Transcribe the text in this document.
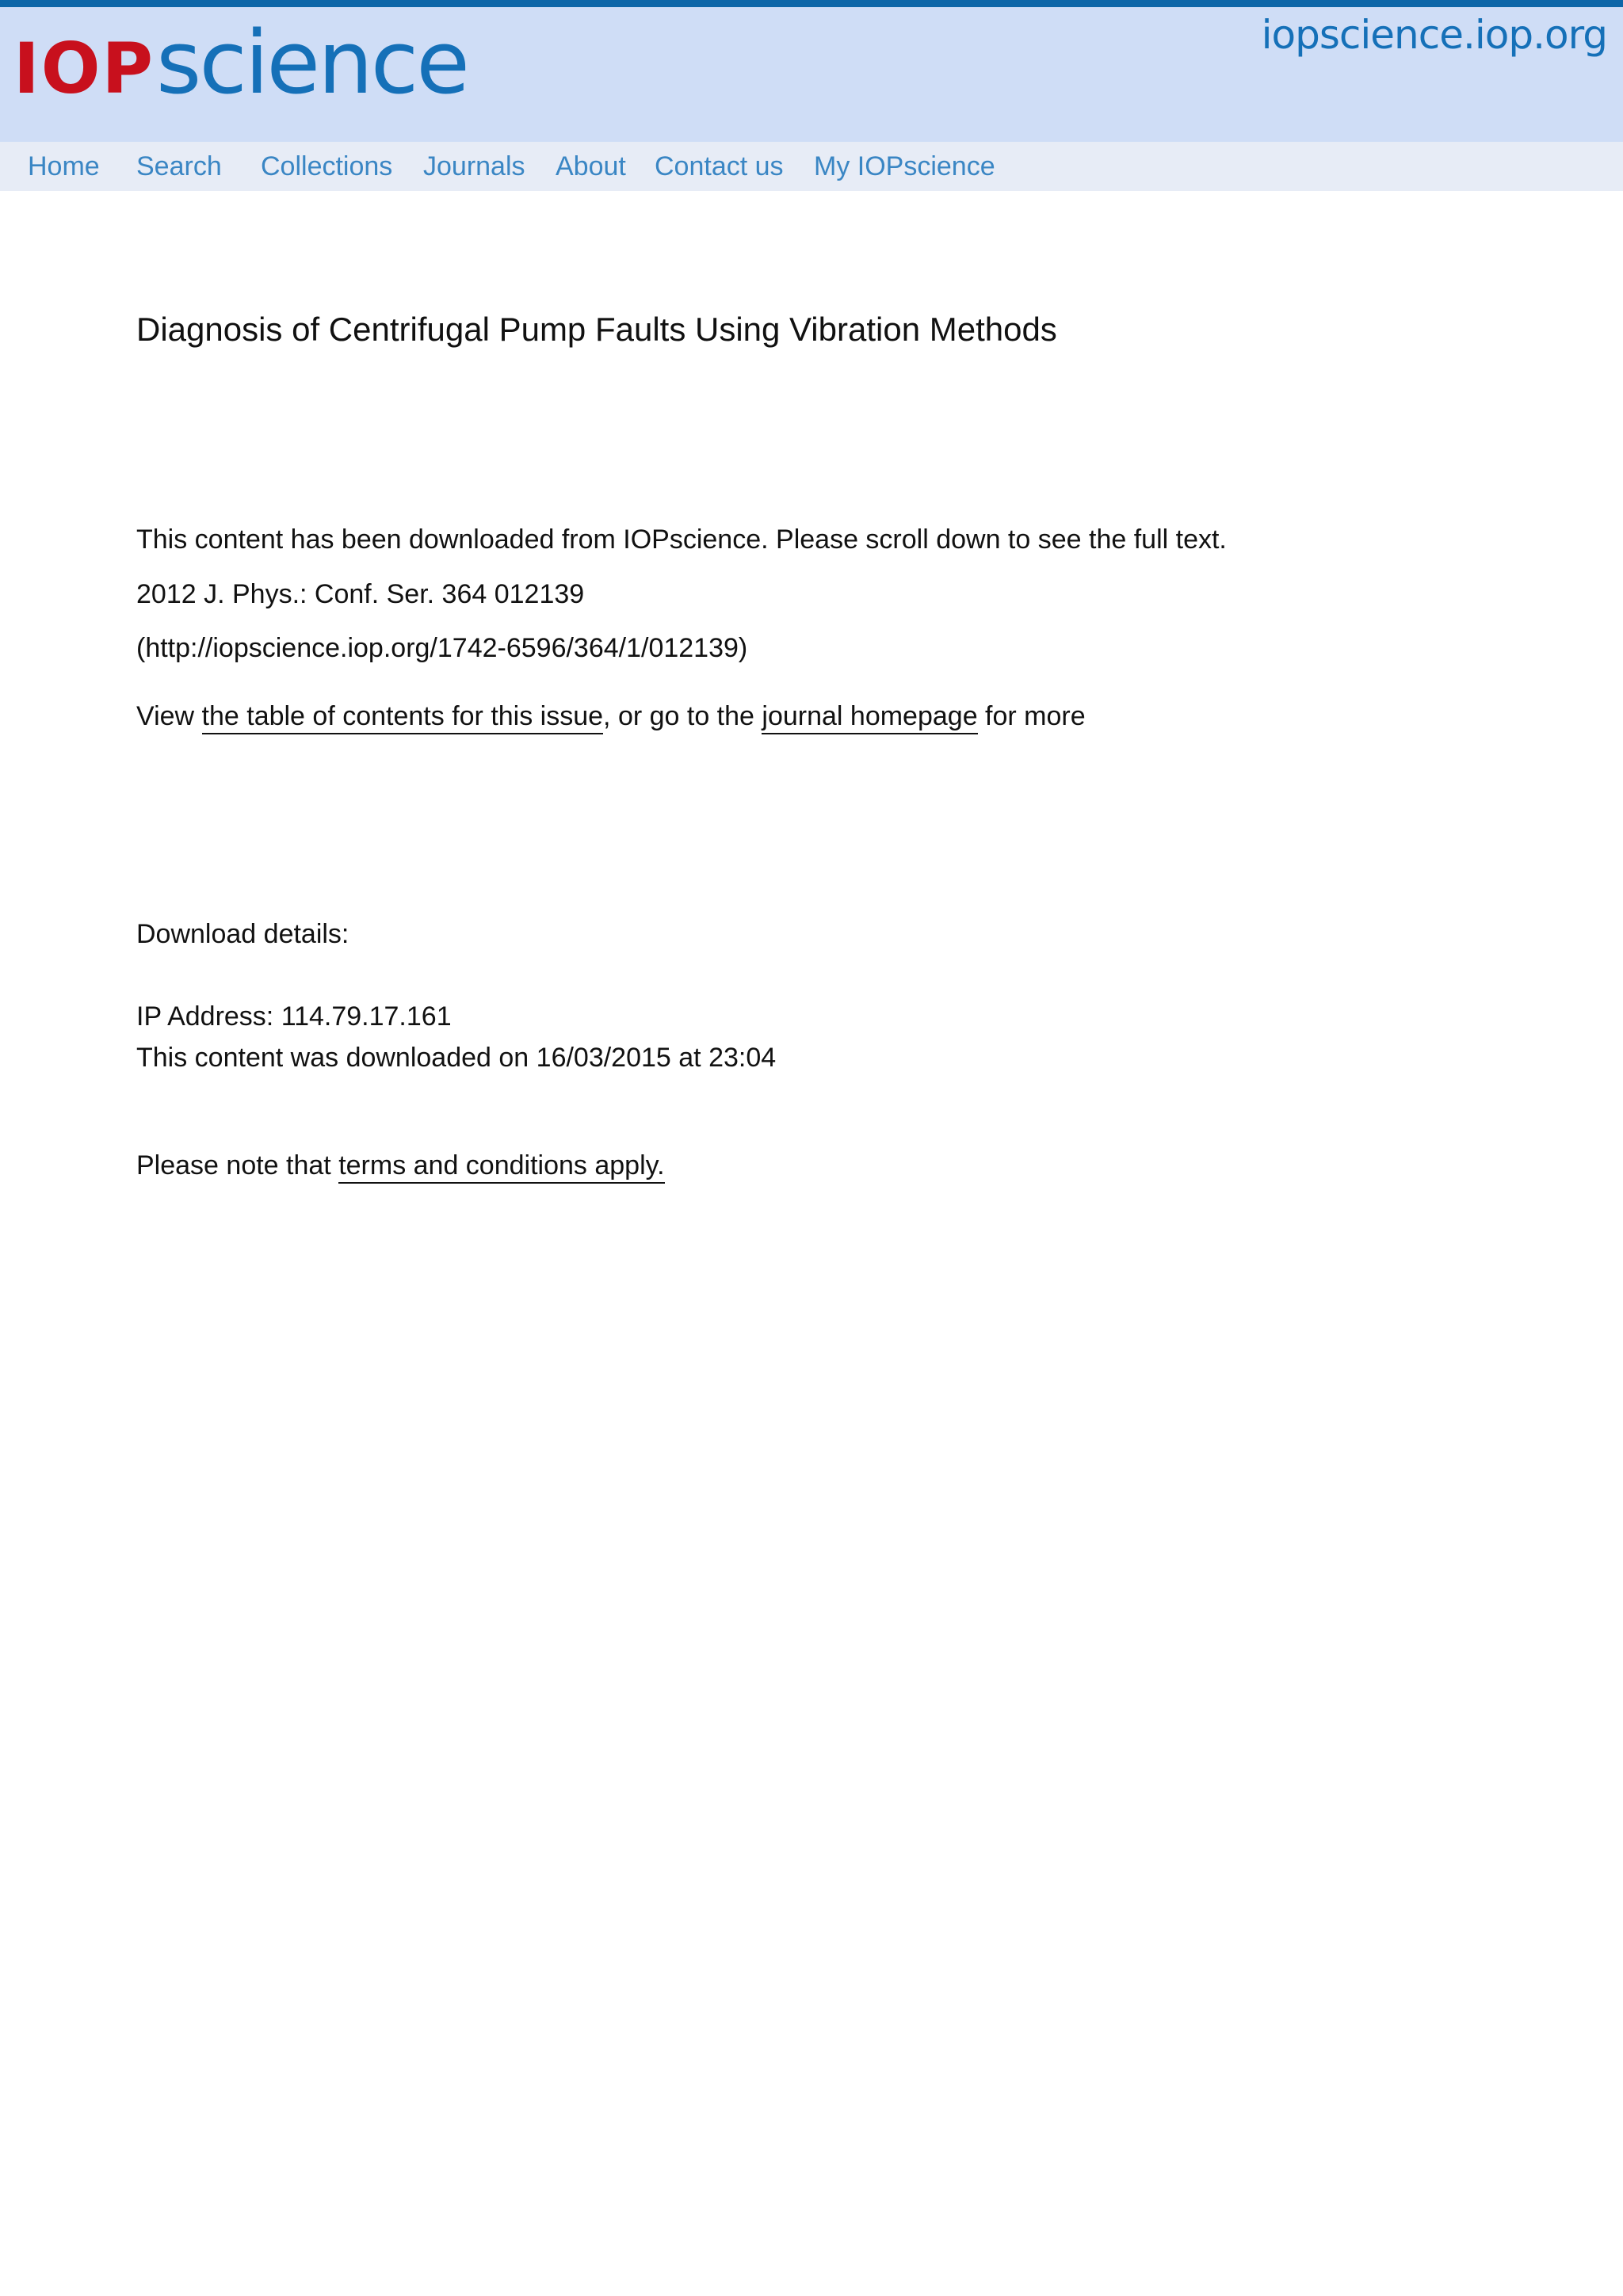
IOP science	iopscience.iop.org
Home Search Collections Journals About Contact us My IOPscience
Diagnosis of Centrifugal Pump Faults Using Vibration Methods
This content has been downloaded from IOPscience. Please scroll down to see the full text.
2012 J. Phys.: Conf. Ser. 364 012139
(http://iopscience.iop.org/1742-6596/364/1/012139)
View the table of contents for this issue, or go to the journal homepage for more
Download details:
IP Address: 114.79.17.161
This content was downloaded on 16/03/2015 at 23:04
Please note that terms and conditions apply.
